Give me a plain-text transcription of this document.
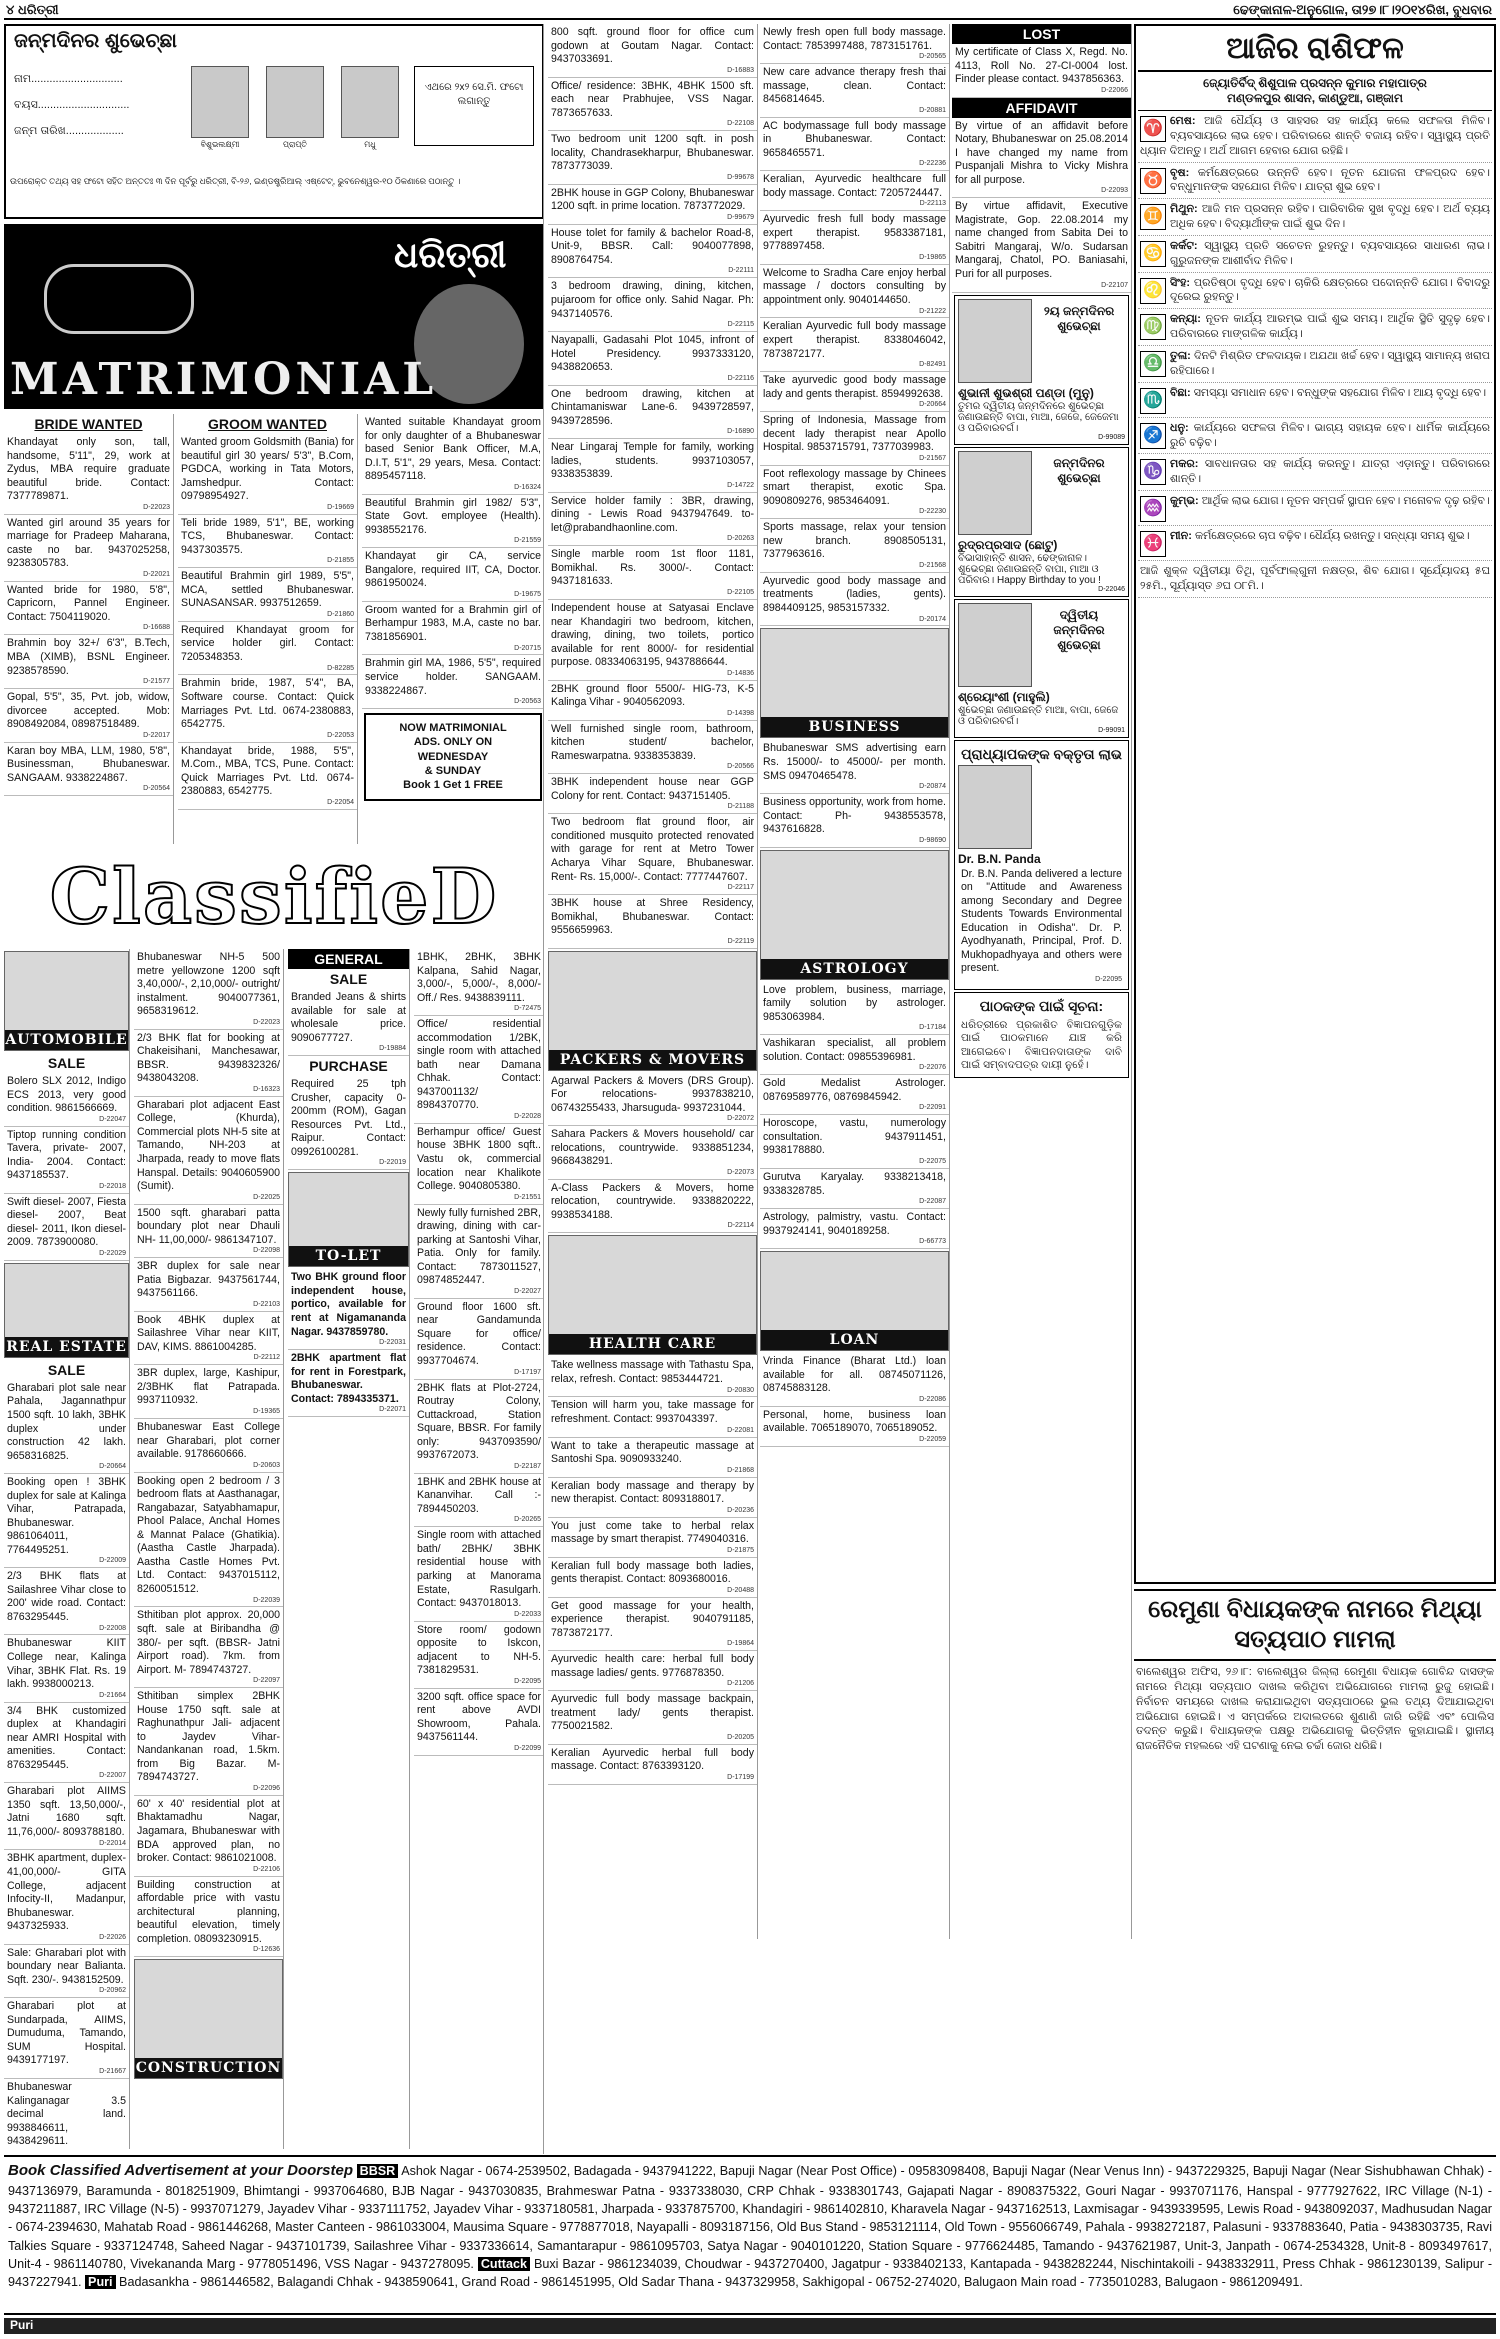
୪ ଧରିତ୍ରୀ	ଢେଙ୍କାନାଳ-ଅନୁଗୋଳ, ତା୨୭।୮।୨୦୧୪ରିଖ, ବୁଧବାର
ଜନ୍ମଦିନର ଶୁଭେଚ୍ଛା
ନାମ..............................
ବୟସ..............................
ଜନ୍ମ ତାରିଖ...................
ବିଶୁଭଲକ୍ଷ୍ମୀ	ପ୍ରାପ୍ତି	ମଧୁ
ଏଥରେ ୨x୨ ସେ.ମି. ଫଟୋ ଲଗାନ୍ତୁ
ଉପରୋକ୍ତ ତଥ୍ୟ ସହ ଫଟୋ ସହିତ ଅନ୍ତତଃ ୩ ଦିନ ପୂର୍ବରୁ ଧରିତ୍ରୀ, ବି-୨୬, ଇଣ୍ଡଷ୍ଟ୍ରିଆଲ୍ ଏଷ୍ଟେଟ୍, ଭୁବନେଶ୍ୱର-୧୦ ଠିକଣାରେ ପଠାନ୍ତୁ ।
ଧରିତ୍ରୀ
MATRIMONIAL
BRIDE WANTED
Khandayat only son, tall, handsome, 5'11", 29, work at Zydus, MBA require graduate beautiful bride. Contact: 7377789871.
D-22023
Wanted girl around 35 years for marriage for Pradeep Maharana, caste no bar. 9437025258, 9238305783.
D-22021
Wanted bride for 1980, 5'8", Capricorn, Pannel Engineer. Contact: 7504119020.
D-16688
Brahmin boy 32+/ 6'3", B.Tech, MBA (XIMB), BSNL Engineer. 9238578590.
D-21577
Gopal, 5'5", 35, Pvt. job, widow, divorcee accepted. Mob: 8908492084, 08987518489.
D-22017
Karan boy MBA, LLM, 1980, 5'8", Businessman, Bhubaneswar. SANGAAM. 9338224867.
D-20564
GROOM WANTED
Wanted groom Goldsmith (Bania) for beautiful girl 30 years/ 5'3", B.Com, PGDCA, working in Tata Motors, Jamshedpur. Contact: 09798954927.
D-19669
Teli bride 1989, 5'1", BE, working TCS, Bhubaneswar. Contact: 9437303575.
D-21855
Beautiful Brahmin girl 1989, 5'5", MCA, settled Bhubaneswar. SUNASANSAR. 9937512659.
D-21860
Required Khandayat groom for service holder girl. Contact: 7205348353.
D-82285
Brahmin bride, 1987, 5'4", BA, Software course. Contact: Quick Marriages Pvt. Ltd. 0674-2380883, 6542775.
D-22053
Khandayat bride, 1988, 5'5", M.Com., MBA, TCS, Pune. Contact: Quick Marriages Pvt. Ltd. 0674-2380883, 6542775.
D-22054
Wanted suitable Khandayat groom for only daughter of a Bhubaneswar based Senior Bank Officer, M.A, D.I.T, 5'1", 29 years, Mesa. Contact: 8895457118.
D-16324
Beautiful Brahmin girl 1982/ 5'3", State Govt. employee (Health). 9938552176.
D-21559
Khandayat gir CA, service Bangalore, required IIT, CA, Doctor. 9861950024.
D-19675
Groom wanted for a Brahmin girl of Berhampur 1983, M.A, caste no bar. 7381856901.
D-20715
Brahmin girl MA, 1986, 5'5", required service holder. SANGAAM. 9338224867.
D-20563
NOW MATRIMONIAL
ADS. ONLY ON
WEDNESDAY
& SUNDAY
Book 1 Get 1 FREE
ClassifieD
AUTOMOBILE
SALE
Bolero SLX 2012, Indigo ECS 2013, very good condition. 9861566669.
D-22047
Tiptop running condition Tavera, private- 2007, India- 2004. Contact: 9437185537.
D-22018
Swift diesel- 2007, Fiesta diesel- 2007, Beat diesel- 2011, Ikon diesel- 2009. 7873900080.
D-22029
REAL ESTATE
SALE
Gharabari plot sale near Pahala, Jagannathpur 1500 sqft. 10 lakh, 3BHK duplex under construction 42 lakh. 9658316825.
D-20664
Booking open ! 3BHK duplex for sale at Kalinga Vihar, Patrapada, Bhubaneswar. 9861064011, 7764495251.
D-22009
2/3 BHK flats at Sailashree Vihar close to 200' wide road. Contact: 8763295445.
D-22008
Bhubaneswar KIIT College near, Kalinga Vihar, 3BHK Flat. Rs. 19 lakh. 9938000213.
D-21664
3/4 BHK customized duplex at Khandagiri near AMRI Hospital with amenities. Contact: 8763295445.
D-22007
Gharabari plot AIIMS 1350 sqft. 13,50,000/-, Jatni 1680 sqft. 11,76,000/- 8093788180.
D-22014
3BHK apartment, duplex- 41,00,000/- GITA College, adjacent Infocity-II, Madanpur, Bhubaneswar. 9437325933.
D-22026
Sale: Gharabari plot with boundary near Balianta. Sqft. 230/-. 9438152509.
D-20962
Gharabari plot at Sundarpada, AIIMS, Dumuduma, Tamando, SUM Hospital. 9439177197.
D-21667
Bhubaneswar Kalinganagar 3.5 decimal land. 9938846611, 9438429611.
Bhubaneswar NH-5 500 metre yellowzone 1200 sqft 3,40,000/-, 2,10,000/- outright/ instalment. 9040077361, 9658319612.
D-22023
2/3 BHK flat for booking at Chakeisihani, Manchesawar, BBSR. 9439832326/ 9438043208.
D-16323
Gharabari plot adjacent East College, (Khurda), Commercial plots NH-5 site at Tamando, NH-203 at Jharpada, ready to move flats Hanspal. Details: 9040605900 (Sumit).
D-22025
1500 sqft. gharabari patta boundary plot near Dhauli NH- 11,00,000/- 9861347107.
D-22098
3BR duplex for sale near Patia Bigbazar. 9437561744, 9437561166.
D-22103
Book 4BHK duplex at Sailashree Vihar near KIIT, DAV, KIMS. 8861004285.
D-22112
3BR duplex, large, Kashipur, 2/3BHK flat Patrapada. 9937110932.
D-19365
Bhubaneswar East College near Gharabari, plot corner available. 9178660666.
D-20603
Booking open 2 bedroom / 3 bedroom flats at Aasthanagar, Rangabazar, Satyabhamapur, Phool Palace, Anchal Homes & Mannat Palace (Ghatikia). (Aastha Castle Jharpada). Aastha Castle Homes Pvt. Ltd. Contact: 9437015112, 8260051512.
D-22039
Sthitiban plot approx. 20,000 sqft. sale at Biribandha @ 380/- per sqft. (BBSR- Jatni Airport road). 7km. from Airport. M- 7894743727.
D-22097
Sthitiban simplex 2BHK House 1750 sqft. sale at Raghunathpur Jali- adjacent to Jaydev Vihar- Nandankanan road, 1.5km. from Big Bazar. M- 7894743727.
D-22096
60' x 40' residential plot at Bhaktamadhu Nagar, Jagamara, Bhubaneswar with BDA approved plan, no broker. Contact: 9861021008.
D-22106
Building construction at affordable price with vastu architectural planning, beautiful elevation, timely completion. 08093230915.
D-12636
CONSTRUCTION
GENERAL
SALE
Branded Jeans & shirts available for sale at wholesale price. 9090677727.
D-19884
PURCHASE
Required 25 tph Crusher, capacity 0-200mm (ROM), Gagan Resources Pvt. Ltd., Raipur. Contact: 09926100281.
D-22019
TO-LET
Two BHK ground floor independent house, portico, available for rent at Nigamananda Nagar. 9437859780.
D-22031
2BHK apartment flat for rent in Forestpark, Bhubaneswar. Contact: 7894335371.
D-22071
1BHK, 2BHK, 3BHK Kalpana, Sahid Nagar, 3,000/-, 5,000/-, 8,000/- Off./ Res. 9438839111.
D-72475
Office/ residential accommodation 1/2BK, single room with attached bath near Damana Chhak. Contact: 9437001132/ 8984370770.
D-22028
Berhampur office/ Guest house 3BHK 1800 sqft.. Vastu ok, commercial location near Khalikote College. 9040805380.
D-21551
Newly fully furnished 2BR, drawing, dining with car-parking at Santoshi Vihar, Patia. Only for family. Contact: 7873011527, 09874852447.
D-22027
Ground floor 1600 sft. near Gandamunda Square for office/ residence. Contact: 9937704674.
D-17197
2BHK flats at Plot-2724, Routray Colony, Cuttackroad, Station Square, BBSR. For family only: 9437093590/ 9937672073.
D-22187
1BHK and 2BHK house at Kananvihar. Call :- 7894450203.
D-20265
Single room with attached bath/ 2BHK/ 3BHK residential house with parking at Manorama Estate, Rasulgarh. Contact: 9437018013.
D-22033
Store room/ godown opposite to Iskcon, adjacent to NH-5. 7381829531.
D-22095
3200 sqft. office space for rent above AVDI Showroom, Pahala. 9437561144.
D-22099
800 sqft. ground floor for office cum godown at Goutam Nagar. Contact: 9437033691.
D-16883
Office/ residence: 3BHK, 4BHK 1500 sft. each near Prabhujee, VSS Nagar. 7873657633.
D-22108
Two bedroom unit 1200 sqft. in posh locality, Chandrasekharpur, Bhubaneswar. 7873773039.
D-99678
2BHK house in GGP Colony, Bhubaneswar 1200 sqft. in prime location. 7873772029.
D-99679
House tolet for family & bachelor Road-8, Unit-9, BBSR. Call: 9040077898, 8908764754.
D-22111
3 bedroom drawing, dining, kitchen, pujaroom for office only. Sahid Nagar. Ph: 9437140576.
D-22115
Nayapalli, Gadasahi Plot 1045, infront of Hotel Presidency. 9937333120, 9438820653.
D-22116
One bedroom drawing, kitchen at Chintamaniswar Lane-6. 9439728597, 9439728596.
D-16890
Near Lingaraj Temple for family, working ladies, students. 9937103057, 9338353839.
D-14722
Service holder family : 3BR, drawing, dining - Lewis Road 9437947649. to-let@prabandhaonline.com.
D-20263
Single marble room 1st floor 1181, Bomikhal. Rs. 3000/-. Contact: 9437181633.
D-22105
Independent house at Satyasai Enclave near Khandagiri two bedroom, kitchen, drawing, dining, two toilets, portico available for rent 8000/- for residential purpose. 08334063195, 9437886644.
D-14836
2BHK ground floor 5500/- HIG-73, K-5 Kalinga Vihar - 9040562093.
D-14398
Well furnished single room, bathroom, kitchen student/ bachelor, Rameswarpatna. 9338353839.
D-20566
3BHK independent house near GGP Colony for rent. Contact: 9437151405.
D-21188
Two bedroom flat ground floor, air conditioned musquito protected renovated with garage for rent at Metro Tower Acharya Vihar Square, Bhubaneswar. Rent- Rs. 15,000/-. Contact: 7777447607.
D-22117
3BHK house at Shree Residency, Bomikhal, Bhubaneswar. Contact: 9556659963.
D-22119
PACKERS & MOVERS
Agarwal Packers & Movers (DRS Group). For relocations- 9937838210, 06743255433, Jharsuguda- 9937231044.
D-22072
Sahara Packers & Movers household/ car relocations, countrywide. 9338851234, 9668438291.
D-22073
A-Class Packers & Movers, home relocation, countrywide. 9338820222, 9938534188.
D-22114
HEALTH CARE
Take wellness massage with Tathastu Spa, relax, refresh. Contact: 9853444721.
D-20830
Tension will harm you, take massage for refreshment. Contact: 9937043397.
D-22081
Want to take a therapeutic massage at Santoshi Spa. 9090933240.
D-21868
Keralian body massage and therapy by new therapist. Contact: 8093188017.
D-20236
You just come take to herbal relax massage by smart therapist. 7749040316.
D-21875
Keralian full body massage both ladies, gents therapist. Contact: 8093680016.
D-20488
Get good massage for your health, experience therapist. 9040791185, 7873872177.
D-19864
Ayurvedic health care: herbal full body massage ladies/ gents. 9776878350.
D-21206
Ayurvedic full body massage backpain, treatment lady/ gents therapist. 7750021582.
D-20205
Keralian Ayurvedic herbal full body massage. Contact: 8763393120.
D-17199
Newly fresh open full body massage. Contact: 7853997488, 7873151761.
D-20565
New care advance therapy fresh thai massage, clean. Contact: 8456814645.
D-20881
AC bodymassage full body massage in Bhubaneswar. Contact: 9658465571.
D-22236
Keralian, Ayurvedic healthcare full body massage. Contact: 7205724447.
D-22113
Ayurvedic fresh full body massage expert therapist. 9583387181, 9778897458.
D-19865
Welcome to Sradha Care enjoy herbal massage / doctors consulting by appointment only. 9040144650.
D-21222
Keralian Ayurvedic full body massage expert therapist. 8338046042, 7873872177.
D-82491
Take ayurvedic good body massage lady and gents therapist. 8594992638.
D-20664
Spring of Indonesia, Massage from decent lady therapist near Apollo Hospital. 9853715791, 7377039983.
D-21567
Foot reflexology massage by Chinees smart therapist, exotic Spa. 9090809276, 9853464091.
D-22230
Sports massage, relax your tension new branch. 8908505131, 7377963616.
D-21568
Ayurvedic good body massage and treatments (ladies, gents). 8984409125, 9853157332.
D-20174
BUSINESS
Bhubaneswar SMS advertising earn Rs. 15000/- to 45000/- per month. SMS 09470465478.
D-20874
Business opportunity, work from home. Contact: Ph- 9438553578, 9437616828.
D-98690
ASTROLOGY
Love problem, business, marriage, family solution by astrologer. 9853063984.
D-17184
Vashikaran specialist, all problem solution. Contact: 09855396981.
D-22076
Gold Medalist Astrologer. 08769589776, 08769845942.
D-22091
Horoscope, vastu, numerology consultation. 9437911451, 9938178880.
D-22075
Gurutva Karyalay. 9338213418, 9338328785.
D-22087
Astrology, palmistry, vastu. Contact: 9937924141, 9040189258.
D-66773
LOAN
Vrinda Finance (Bharat Ltd.) loan available for all. 08745071126, 08745883128.
D-22086
Personal, home, business loan available. 7065189070, 7065189052.
D-22059
LOST
My certificate of Class X, Regd. No. 4113, Roll No. 27-CI-0004 lost. Finder please contact. 9437856363.
D-22066
AFFIDAVIT
By virtue of an affidavit before Notary, Bhubaneswar on 25.08.2014 I have changed my name from Puspanjali Mishra to Vicky Mishra for all purpose.
D-22093
By virtue affidavit, Executive Magistrate, Gop. 22.08.2014 my name changed from Sabita Dei to Sabitri Mangaraj, W/o. Sudarsan Mangaraj, Chatol, PO. Baniasahi, Puri for all purposes.
D-22107
୨ୟ ଜନ୍ମଦିନର ଶୁଭେଚ୍ଛା
ଶୁଭାନୀ ଶୁଭଶ୍ରୀ ପଣ୍ଡା (ମୁନୁ)
ତୁମର ଦ୍ୱିତୀୟ ଜନ୍ମଦିନରେ ଶୁଭେଚ୍ଛା ଜଣାଉଛନ୍ତି ବାପା, ମାଆ, ଜେଜେ, ଜେଜେମା ଓ ପରିବାରବର୍ଗ।
D-99089
ଜନ୍ମଦିନର ଶୁଭେଚ୍ଛା
ରୁଦ୍ରପ୍ରସାଦ (ଛୋଟୁ)
ବିଭାସାହାନ୍ତି ଶାସନ, ଢେଙ୍କାନାଳ। ଶୁଭେଚ୍ଛା ଜଣାଉଛନ୍ତି ବାପା, ମାଆ ଓ ପରିବାର। Happy Birthday to you !
D-22046
ଦ୍ୱିତୀୟ ଜନ୍ମଦିନର ଶୁଭେଚ୍ଛା
ଶ୍ରେୟାଂଶୀ (ମାହୁଲି)
ଶୁଭେଚ୍ଛା ଜଣାଉଛନ୍ତି ମାଆ, ବାପା, ଜେଜେ ଓ ପରିବାରବର୍ଗ।
D-99091
ପ୍ରାଧ୍ୟାପକଙ୍କ ବକ୍ତୃତା ଲାଭ
Dr. B.N. Panda
Dr. B.N. Panda delivered a lecture on "Attitude and Awareness among Secondary and Degree Students Towards Environmental Education in Odisha". Dr. P. Ayodhyanath, Principal, Prof. D. Mukhopadhyaya and others were present.
D-22095
ପାଠକଙ୍କ ପାଇଁ ସୂଚନା:
ଧରିତ୍ରୀରେ ପ୍ରକାଶିତ ବିଜ୍ଞାପନଗୁଡ଼ିକ ପାଇଁ ପାଠକମାନେ ଯାଞ୍ଚ କରି ଆଗେଇବେ। ବିଜ୍ଞାପନଦାତାଙ୍କ ଦାବି ପାଇଁ ସମ୍ବାଦପତ୍ର ଦାୟୀ ନୁହେଁ।
ଆଜିର ରାଶିଫଳ
ଜ୍ୟୋତିର୍ବିଦ୍ ଶିଶୁପାଳ ପ୍ରସନ୍ନ କୁମାର ମହାପାତ୍ର
ମଣ୍ଡଳପୁର ଶାସନ, କାଣ୍ଡୁଆ, ଗଞ୍ଜାମ
♈ ମେଷ: ଆଜି ଧୈର୍ଯ୍ୟ ଓ ସାହସର ସହ କାର୍ଯ୍ୟ କଲେ ସଫଳତା ମିଳିବ। ବ୍ୟବସାୟରେ ଲାଭ ହେବ। ପରିବାରରେ ଶାନ୍ତି ବଜାୟ ରହିବ। ସ୍ୱାସ୍ଥ୍ୟ ପ୍ରତି ଧ୍ୟାନ ଦିଅନ୍ତୁ। ଅର୍ଥ ଆଗମ ହେବାର ଯୋଗ ରହିଛି।
♉ ବୃଷ: କର୍ମକ୍ଷେତ୍ରରେ ଉନ୍ନତି ହେବ। ନୂତନ ଯୋଜନା ଫଳପ୍ରଦ ହେବ। ବନ୍ଧୁମାନଙ୍କ ସହଯୋଗ ମିଳିବ। ଯାତ୍ରା ଶୁଭ ହେବ।
♊ ମିଥୁନ: ଆଜି ମନ ପ୍ରସନ୍ନ ରହିବ। ପାରିବାରିକ ସୁଖ ବୃଦ୍ଧି ହେବ। ଅର୍ଥ ବ୍ୟୟ ଅଧିକ ହେବ। ବିଦ୍ୟାର୍ଥୀଙ୍କ ପାଇଁ ଶୁଭ ଦିନ।
♋ କର୍କଟ: ସ୍ୱାସ୍ଥ୍ୟ ପ୍ରତି ସଚେତନ ରୁହନ୍ତୁ। ବ୍ୟବସାୟରେ ସାଧାରଣ ଲାଭ। ଗୁରୁଜନଙ୍କ ଆଶୀର୍ବାଦ ମିଳିବ।
♌ ସିଂହ: ପ୍ରତିଷ୍ଠା ବୃଦ୍ଧି ହେବ। ଚାକିରି କ୍ଷେତ୍ରରେ ପଦୋନ୍ନତି ଯୋଗ। ବିବାଦରୁ ଦୂରେଇ ରୁହନ୍ତୁ।
♍ କନ୍ୟା: ନୂତନ କାର୍ଯ୍ୟ ଆରମ୍ଭ ପାଇଁ ଶୁଭ ସମୟ। ଆର୍ଥିକ ସ୍ଥିତି ସୁଦୃଢ଼ ହେବ। ପରିବାରରେ ମାଙ୍ଗଳିକ କାର୍ଯ୍ୟ।
♎ ତୁଳା: ଦିନଟି ମିଶ୍ରିତ ଫଳଦାୟକ। ଅଯଥା ଖର୍ଚ୍ଚ ହେବ। ସ୍ୱାସ୍ଥ୍ୟ ସାମାନ୍ୟ ଖରାପ ରହିପାରେ।
♏ ବିଛା: ସମସ୍ୟା ସମାଧାନ ହେବ। ବନ୍ଧୁଙ୍କ ସହଯୋଗ ମିଳିବ। ଆୟ ବୃଦ୍ଧି ହେବ।
♐ ଧନୁ: କାର୍ଯ୍ୟରେ ସଫଳତା ମିଳିବ। ଭାଗ୍ୟ ସହାୟକ ହେବ। ଧାର୍ମିକ କାର୍ଯ୍ୟରେ ରୁଚି ବଢ଼ିବ।
♑ ମକର: ସାବଧାନତାର ସହ କାର୍ଯ୍ୟ କରନ୍ତୁ। ଯାତ୍ରା ଏଡ଼ାନ୍ତୁ। ପରିବାରରେ ଶାନ୍ତି।
♒ କୁମ୍ଭ: ଆର୍ଥିକ ଲାଭ ଯୋଗ। ନୂତନ ସମ୍ପର୍କ ସ୍ଥାପନ ହେବ। ମନୋବଳ ଦୃଢ଼ ରହିବ।
♓ ମୀନ: କର୍ମକ୍ଷେତ୍ରରେ ଚାପ ବଢ଼ିବ। ଧୈର୍ଯ୍ୟ ରଖନ୍ତୁ। ସନ୍ଧ୍ୟା ସମୟ ଶୁଭ।
ଆଜି ଶୁକ୍ଳ ଦ୍ୱିତୀୟା ତିଥି, ପୂର୍ବଫାଲ୍ଗୁନୀ ନକ୍ଷତ୍ର, ଶିବ ଯୋଗ। ସୂର୍ଯ୍ୟୋଦୟ ୫ଘ ୨୫ମି., ସୂର୍ଯ୍ୟାସ୍ତ ୬ଘ ୦୮ମି.।
ରେମୁଣା ବିଧାୟକଙ୍କ ନାମରେ ମିଥ୍ୟା ସତ୍ୟପାଠ ମାମଲା

ବାଲେଶ୍ୱର ଅଫିସ, ୨୬।୮: ବାଲେଶ୍ୱର ଜିଲ୍ଲା ରେମୁଣା ବିଧାୟକ ଗୋବିନ୍ଦ ଦାସଙ୍କ ନାମରେ ମିଥ୍ୟା ସତ୍ୟପାଠ ଦାଖଲ କରିଥିବା ଅଭିଯୋଗରେ ମାମଲା ରୁଜୁ ହୋଇଛି। ନିର୍ବାଚନ ସମୟରେ ଦାଖଲ କରାଯାଇଥିବା ସତ୍ୟପାଠରେ ଭୁଲ ତଥ୍ୟ ଦିଆଯାଇଥିବା ଅଭିଯୋଗ ହୋଇଛି। ଏ ସମ୍ପର୍କରେ ଅଦାଲତରେ ଶୁଣାଣି ଜାରି ରହିଛି ଏବଂ ପୋଲିସ ତଦନ୍ତ କରୁଛି। ବିଧାୟକଙ୍କ ପକ୍ଷରୁ ଅଭିଯୋଗକୁ ଭିତ୍ତିହୀନ କୁହାଯାଇଛି। ସ୍ଥାନୀୟ ରାଜନୈତିକ ମହଲରେ ଏହି ଘଟଣାକୁ ନେଇ ଚର୍ଚ୍ଚା ଜୋର ଧରିଛି।

Book Classified Advertisement at your Doorstep BBSR Ashok Nagar - 0674-2539502, Badagada - 9437941222, Bapuji Nagar (Near Post Office) - 09583098408, Bapuji Nagar (Near Venus Inn) - 9437229325, Bapuji Nagar (Near Sishubhawan Chhak) - 9437136979, Baramunda - 8018251909, Bhimtangi - 9937064680, BJB Nagar - 9437030835, Brahmeswar Patna - 9337338030, CRP Chhak - 9338301743, Gajapati Nagar - 8908375322, Gouri Nagar - 9937071176, Hanspal - 9777927622, IRC Village (N-1) - 9437211887, IRC Village (N-5) - 9937071279, Jayadev Vihar - 9337111752, Jayadev Vihar - 9337180581, Jharpada - 9337875700, Khandagiri - 9861402810, Kharavela Nagar - 9437162513, Laxmisagar - 9439339595, Lewis Road - 9438092037, Madhusudan Nagar - 0674-2394630, Mahatab Road - 9861446268, Master Canteen - 9861033004, Mausima Square - 9778877018, Nayapalli - 8093187156, Old Bus Stand - 9853121114, Old Town - 9556066749, Pahala - 9938272187, Palasuni - 9337883640, Patia - 9438303735, Ravi Talkies Square - 9337124748, Saheed Nagar - 9437101739, Sailashree Vihar - 9337336614, Samantarapur - 9861095703, Satya Nagar - 9040101220, Station Square - 9776624485, Tamando - 9437621987, Unit-3, Janpath - 0674-2534328, Unit-8 - 8093497617, Unit-4 - 9861140780, Vivekananda Marg - 9778051496, VSS Nagar - 9437278095. Cuttack Buxi Bazar - 9861234039, Choudwar - 9437270400, Jagatpur - 9338402133, Kantapada - 9438282244, Nischintakoili - 9438332911, Press Chhak - 9861230139, Salipur - 9437227941. Puri Badasankha - 9861446582, Balagandi Chhak - 9438590641, Grand Road - 9861451995, Old Sadar Thana - 9437329958, Sakhigopal - 06752-274020, Balugaon Main road - 7735010283, Balugaon - 9861209491.
Puri
